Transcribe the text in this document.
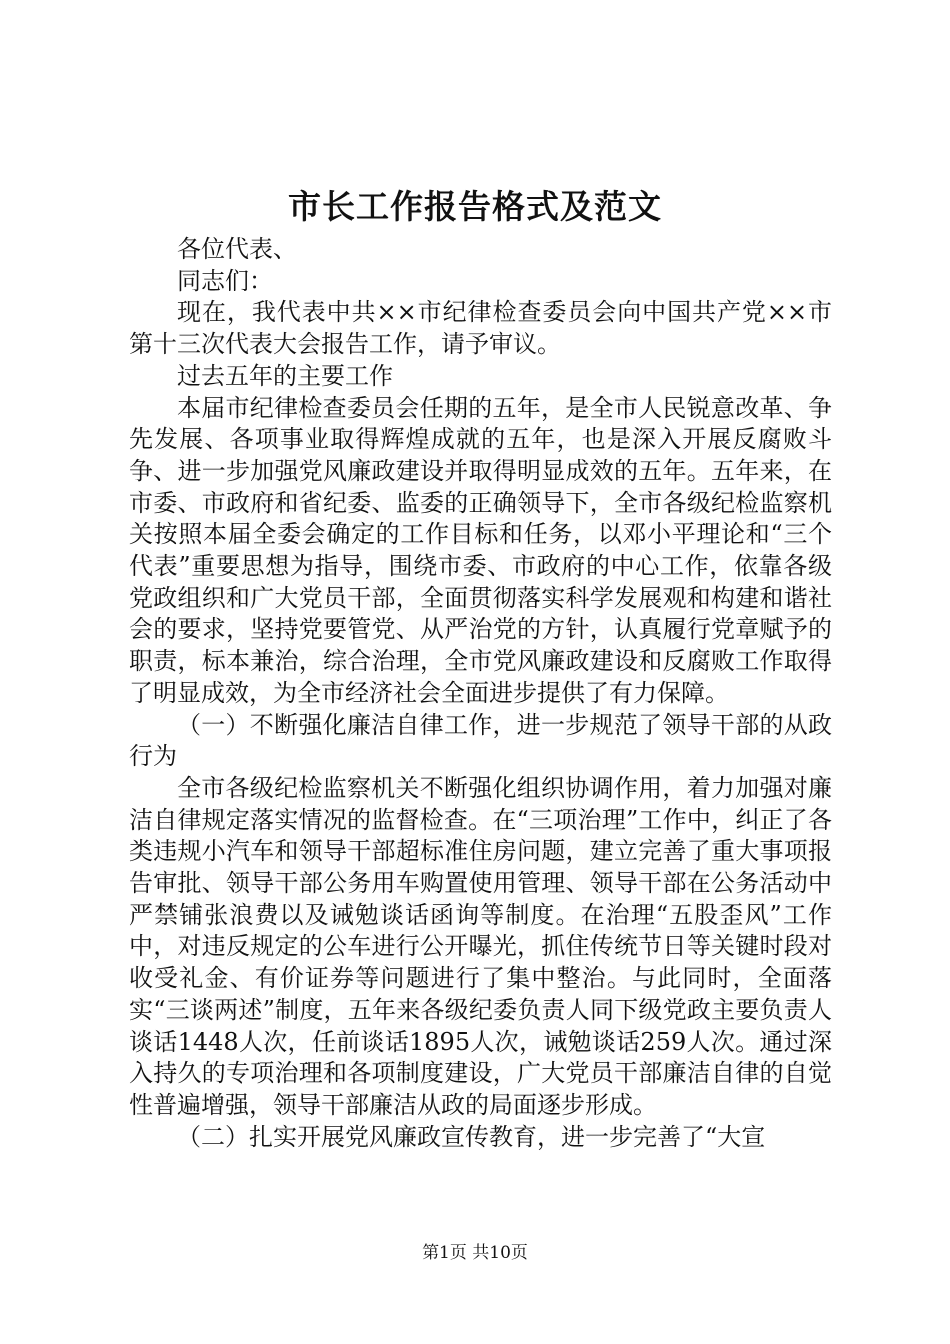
市长工作报告格式及范文

各位代表、

同志们：

现在，我代表中共××市纪律检查委员会向中国共产党××市第十三次代表大会报告工作，请予审议。

过去五年的主要工作

本届市纪律检查委员会任期的五年，是全市人民锐意改革、争先发展、各项事业取得辉煌成就的五年，也是深入开展反腐败斗争、进一步加强党风廉政建设并取得明显成效的五年。五年来，在市委、市政府和省纪委、监委的正确领导下，全市各级纪检监察机关按照本届全委会确定的工作目标和任务，以邓小平理论和“三个代表”重要思想为指导，围绕市委、市政府的中心工作，依靠各级党政组织和广大党员干部，全面贯彻落实科学发展观和构建和谐社会的要求，坚持党要管党、从严治党的方针，认真履行党章赋予的职责，标本兼治，综合治理，全市党风廉政建设和反腐败工作取得了明显成效，为全市经济社会全面进步提供了有力保障。

（一）不断强化廉洁自律工作，进一步规范了领导干部的从政行为

全市各级纪检监察机关不断强化组织协调作用，着力加强对廉洁自律规定落实情况的监督检查。在“三项治理”工作中，纠正了各类违规小汽车和领导干部超标准住房问题，建立完善了重大事项报告审批、领导干部公务用车购置使用管理、领导干部在公务活动中严禁铺张浪费以及诫勉谈话函询等制度。在治理“五股歪风”工作中，对违反规定的公车进行公开曝光，抓住传统节日等关键时段对收受礼金、有价证券等问题进行了集中整治。与此同时，全面落实“三谈两述”制度，五年来各级纪委负责人同下级党政主要负责人谈话1448人次，任前谈话1895人次，诫勉谈话259人次。通过深入持久的专项治理和各项制度建设，广大党员干部廉洁自律的自觉性普遍增强，领导干部廉洁从政的局面逐步形成。

（二）扎实开展党风廉政宣传教育，进一步完善了“大宣

第1页 共10页
